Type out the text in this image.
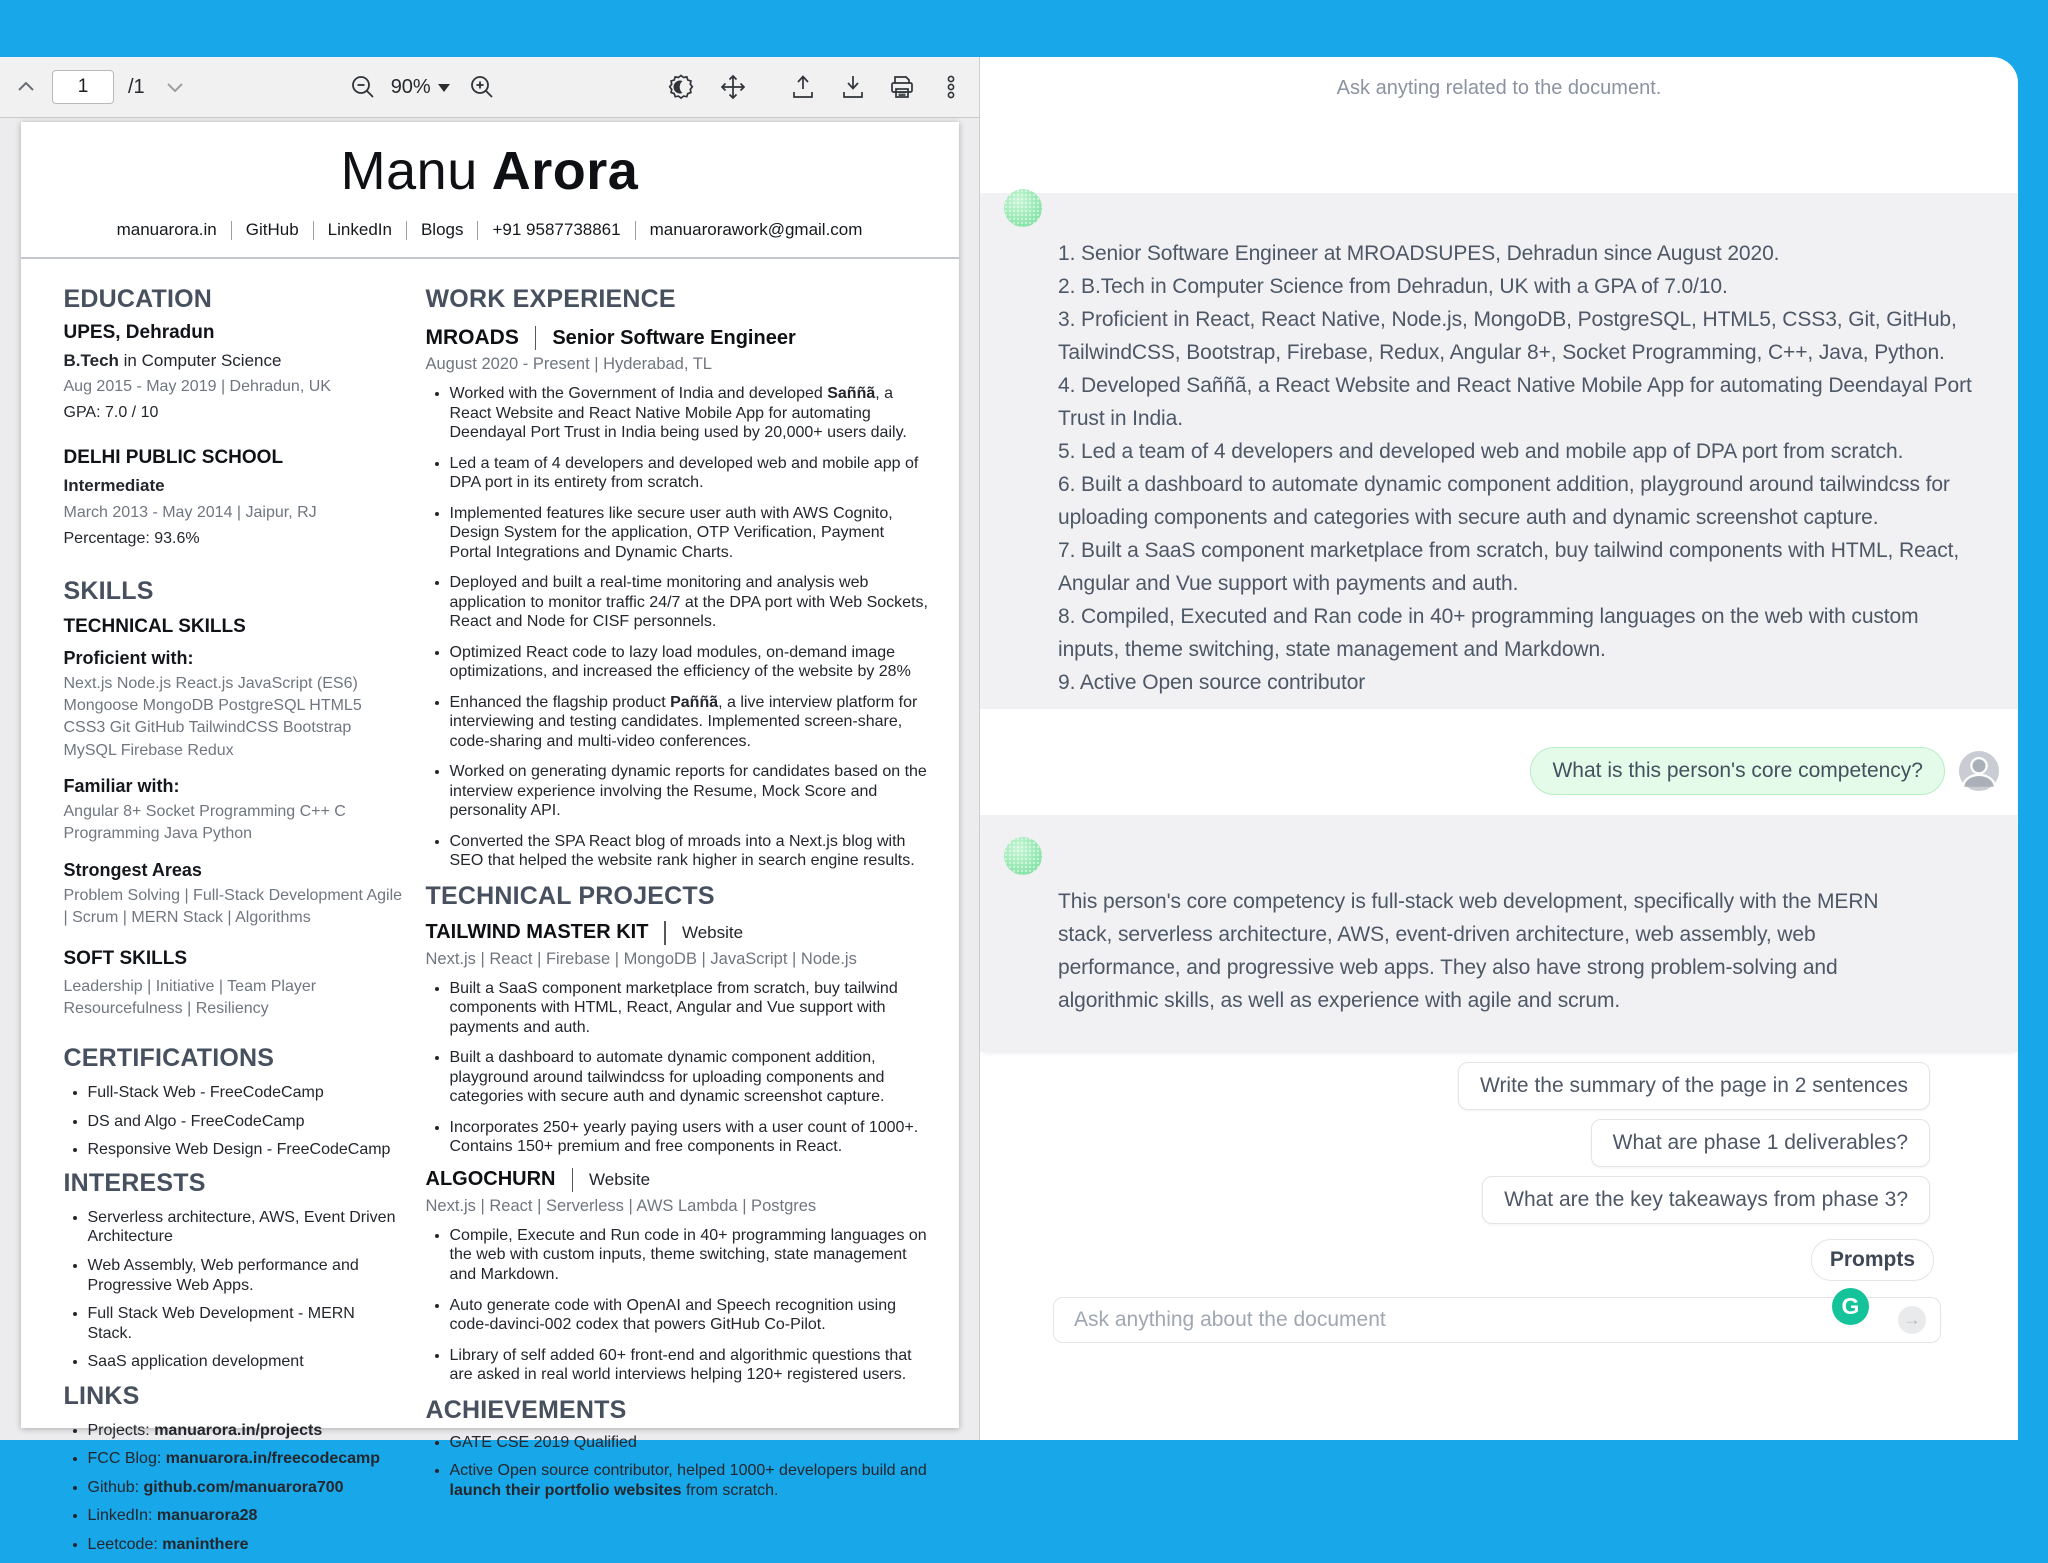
1
/1	90%
Manu Arora
manuarora.in GitHub LinkedIn Blogs +91 9587738861 manuarorawork@gmail.com
EDUCATION
UPES, Dehradun
B.Tech in Computer Science
Aug 2015 - May 2019 | Dehradun, UK
GPA: 7.0 / 10
DELHI PUBLIC SCHOOL
Intermediate
March 2013 - May 2014 | Jaipur, RJ
Percentage: 93.6%
SKILLS
TECHNICAL SKILLS
Proficient with:
Next.js Node.js React.js JavaScript (ES6) Mongoose MongoDB PostgreSQL HTML5 CSS3 Git GitHub TailwindCSS Bootstrap MySQL Firebase Redux
Familiar with:
Angular 8+ Socket Programming C++ C Programming Java Python
Strongest Areas
Problem Solving | Full-Stack Development Agile | Scrum | MERN Stack | Algorithms
SOFT SKILLS
Leadership | Initiative | Team Player Resourcefulness | Resiliency
CERTIFICATIONS
• Full-Stack Web - FreeCodeCamp
• DS and Algo - FreeCodeCamp
• Responsive Web Design - FreeCodeCamp
INTERESTS
• Serverless architecture, AWS, Event Driven Architecture
• Web Assembly, Web performance and Progressive Web Apps.
• Full Stack Web Development - MERN Stack.
• SaaS application development
LINKS
• Projects: manuarora.in/projects
• FCC Blog: manuarora.in/freecodecamp
• Github: github.com/manuarora700
• LinkedIn: manuarora28
• Leetcode: maninthere
WORK EXPERIENCE
MROADS Senior Software Engineer
August 2020 - Present | Hyderabad, TL
• Worked with the Government of India and developed Saññã, a React Website and React Native Mobile App for automating Deendayal Port Trust in India being used by 20,000+ users daily.
• Led a team of 4 developers and developed web and mobile app of DPA port in its entirety from scratch.
• Implemented features like secure user auth with AWS Cognito, Design System for the application, OTP Verification, Payment Portal Integrations and Dynamic Charts.
• Deployed and built a real-time monitoring and analysis web application to monitor traffic 24/7 at the DPA port with Web Sockets, React and Node for CISF personnels.
• Optimized React code to lazy load modules, on-demand image optimizations, and increased the efficiency of the website by 28%
• Enhanced the flagship product Paññã, a live interview platform for interviewing and testing candidates. Implemented screen-share, code-sharing and multi-video conferences.
• Worked on generating dynamic reports for candidates based on the interview experience involving the Resume, Mock Score and personality API.
• Converted the SPA React blog of mroads into a Next.js blog with SEO that helped the website rank higher in search engine results.
TECHNICAL PROJECTS
TAILWIND MASTER KIT Website
Next.js | React | Firebase | MongoDB | JavaScript | Node.js
• Built a SaaS component marketplace from scratch, buy tailwind components with HTML, React, Angular and Vue support with payments and auth.
• Built a dashboard to automate dynamic component addition, playground around tailwindcss for uploading components and categories with secure auth and dynamic screenshot capture.
• Incorporates 250+ yearly paying users with a user count of 1000+. Contains 150+ premium and free components in React.
ALGOCHURN Website
Next.js | React | Serverless | AWS Lambda | Postgres
• Compile, Execute and Run code in 40+ programming languages on the web with custom inputs, theme switching, state management and Markdown.
• Auto generate code with OpenAI and Speech recognition using code-davinci-002 codex that powers GitHub Co-Pilot.
• Library of self added 60+ front-end and algorithmic questions that are asked in real world interviews helping 120+ registered users.
ACHIEVEMENTS
• GATE CSE 2019 Qualified
• Active Open source contributor, helped 1000+ developers build and launch their portfolio websites from scratch.
Ask anyting related to the document.
1. Senior Software Engineer at MROADSUPES, Dehradun since August 2020.
2. B.Tech in Computer Science from Dehradun, UK with a GPA of 7.0/10.
3. Proficient in React, React Native, Node.js, MongoDB, PostgreSQL, HTML5, CSS3, Git, GitHub, TailwindCSS, Bootstrap, Firebase, Redux, Angular 8+, Socket Programming, C++, Java, Python.
4. Developed Saññã, a React Website and React Native Mobile App for automating Deendayal Port Trust in India.
5. Led a team of 4 developers and developed web and mobile app of DPA port from scratch.
6. Built a dashboard to automate dynamic component addition, playground around tailwindcss for uploading components and categories with secure auth and dynamic screenshot capture.
7. Built a SaaS component marketplace from scratch, buy tailwind components with HTML, React, Angular and Vue support with payments and auth.
8. Compiled, Executed and Ran code in 40+ programming languages on the web with custom inputs, theme switching, state management and Markdown.
9. Active Open source contributor
What is this person's core competency?
This person's core competency is full-stack web development, specifically with the MERN stack, serverless architecture, AWS, event-driven architecture, web assembly, web performance, and progressive web apps. They also have strong problem-solving and algorithmic skills, as well as experience with agile and scrum.
Write the summary of the page in 2 sentences
What are phase 1 deliverables?
What are the key takeaways from phase 3?
Prompts
Ask anything about the document
G
→
